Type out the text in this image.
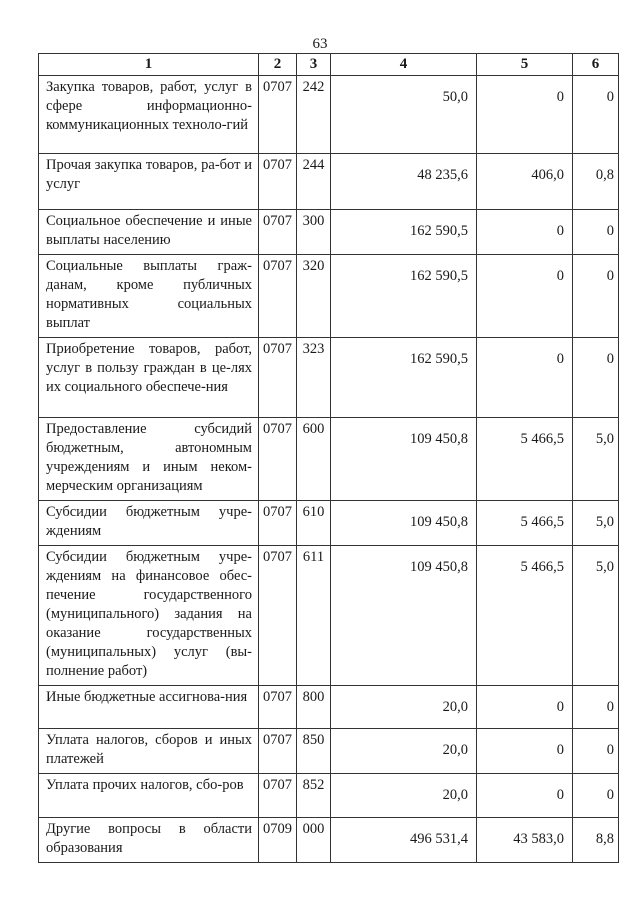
63
1	2	3	4	5	6
Закупка товаров, работ, услуг в сфере информационно-коммуникационных техноло-гий	0707	242	50,0	0	0
Прочая закупка товаров, ра-бот и услуг	0707	244	48 235,6	406,0	0,8
Социальное обеспечение и иные выплаты населению	0707	300	162 590,5	0	0
Социальные выплаты граж-данам, кроме публичных нормативных социальных выплат	0707	320	162 590,5	0	0
Приобретение товаров, работ, услуг в пользу граждан в це-лях их социального обеспече-ния	0707	323	162 590,5	0	0
Предоставление субсидий бюджетным, автономным учреждениям и иным неком-мерческим организациям	0707	600	109 450,8	5 466,5	5,0
Субсидии бюджетным учре-ждениям	0707	610	109 450,8	5 466,5	5,0
Субсидии бюджетным учре-ждениям на финансовое обес-печение государственного (муниципального) задания на оказание государственных (муниципальных) услуг (вы-полнение работ)	0707	611	109 450,8	5 466,5	5,0
Иные бюджетные ассигнова-ния	0707	800	20,0	0	0
Уплата налогов, сборов и иных платежей	0707	850	20,0	0	0
Уплата прочих налогов, сбо-ров	0707	852	20,0	0	0
Другие вопросы в области образования	0709	000	496 531,4	43 583,0	8,8
